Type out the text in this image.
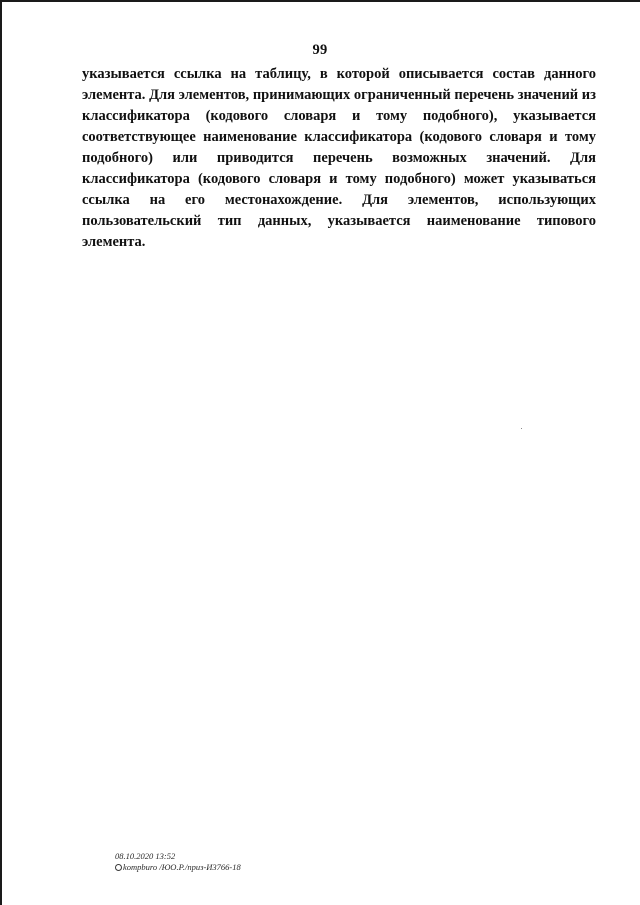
99

указывается ссылка на таблицу, в которой описывается состав данного элемента. Для элементов, принимающих ограниченный перечень значений из классификатора (кодового словаря и тому подобного), указывается соответствующее наименование классификатора (кодового словаря и тому подобного) или приводится перечень возможных значений. Для классификатора (кодового словаря и тому подобного) может указываться ссылка на его местонахождение. Для элементов, использующих пользовательский тип данных, указывается наименование типового элемента.

08.10.2020 13:52
kompburo /ЮО.Р./приз-И3766-18
